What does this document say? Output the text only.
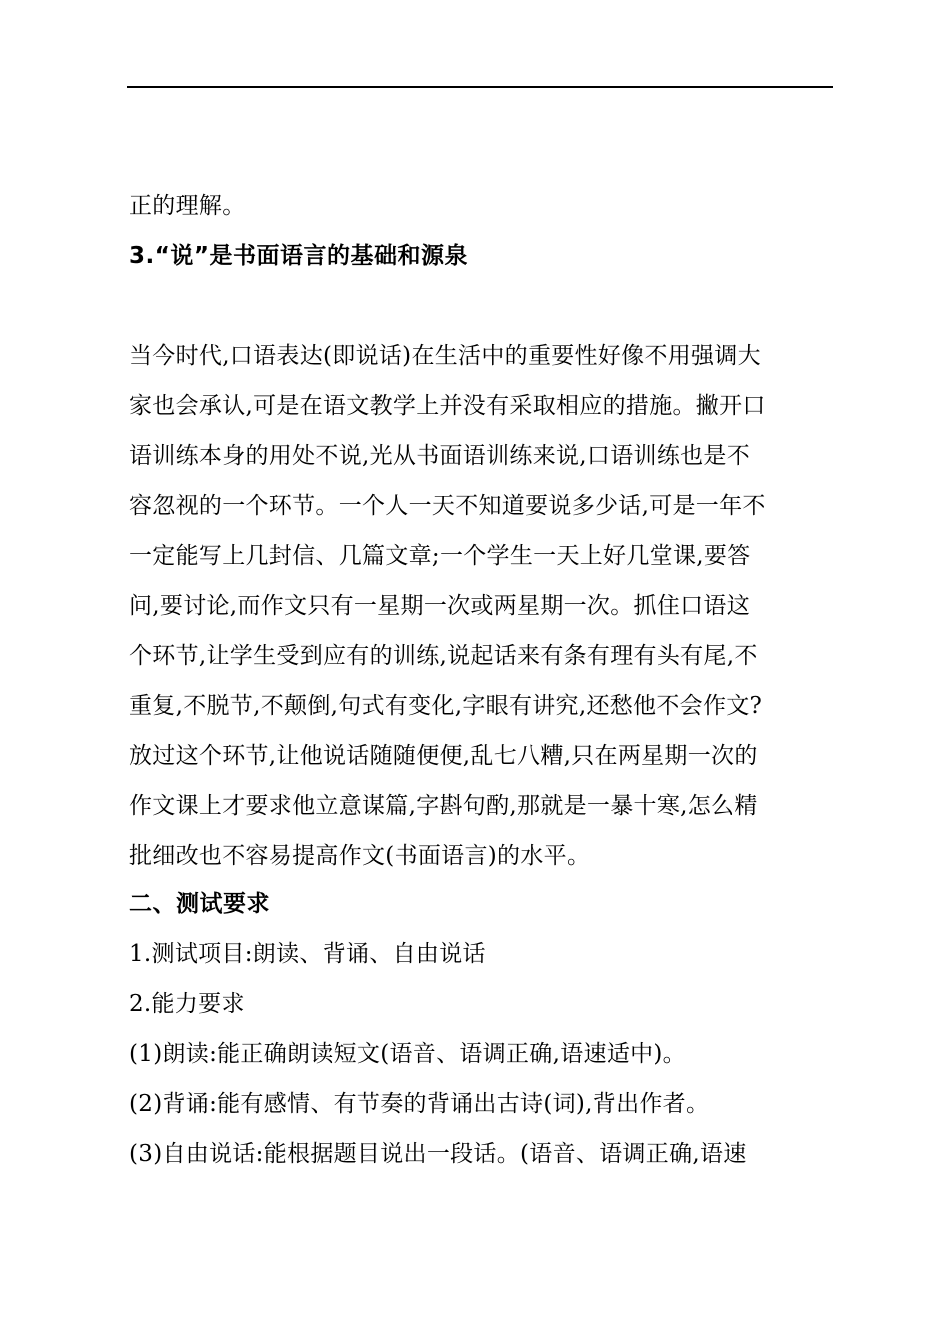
正的理解。
3.“说”是书面语言的基础和源泉
当今时代,口语表达(即说话)在生活中的重要性好像不用强调大
家也会承认,可是在语文教学上并没有采取相应的措施。撇开口
语训练本身的用处不说,光从书面语训练来说,口语训练也是不
容忽视的一个环节。一个人一天不知道要说多少话,可是一年不
一定能写上几封信、几篇文章;一个学生一天上好几堂课,要答
问,要讨论,而作文只有一星期一次或两星期一次。抓住口语这
个环节,让学生受到应有的训练,说起话来有条有理有头有尾,不
重复,不脱节,不颠倒,句式有变化,字眼有讲究,还愁他不会作文?
放过这个环节,让他说话随随便便,乱七八糟,只在两星期一次的
作文课上才要求他立意谋篇,字斟句酌,那就是一暴十寒,怎么精
批细改也不容易提高作文(书面语言)的水平。
二、测试要求
1.测试项目:朗读、背诵、自由说话
2.能力要求
(1)朗读:能正确朗读短文(语音、语调正确,语速适中)。
(2)背诵:能有感情、有节奏的背诵出古诗(词),背出作者。
(3)自由说话:能根据题目说出一段话。(语音、语调正确,语速
